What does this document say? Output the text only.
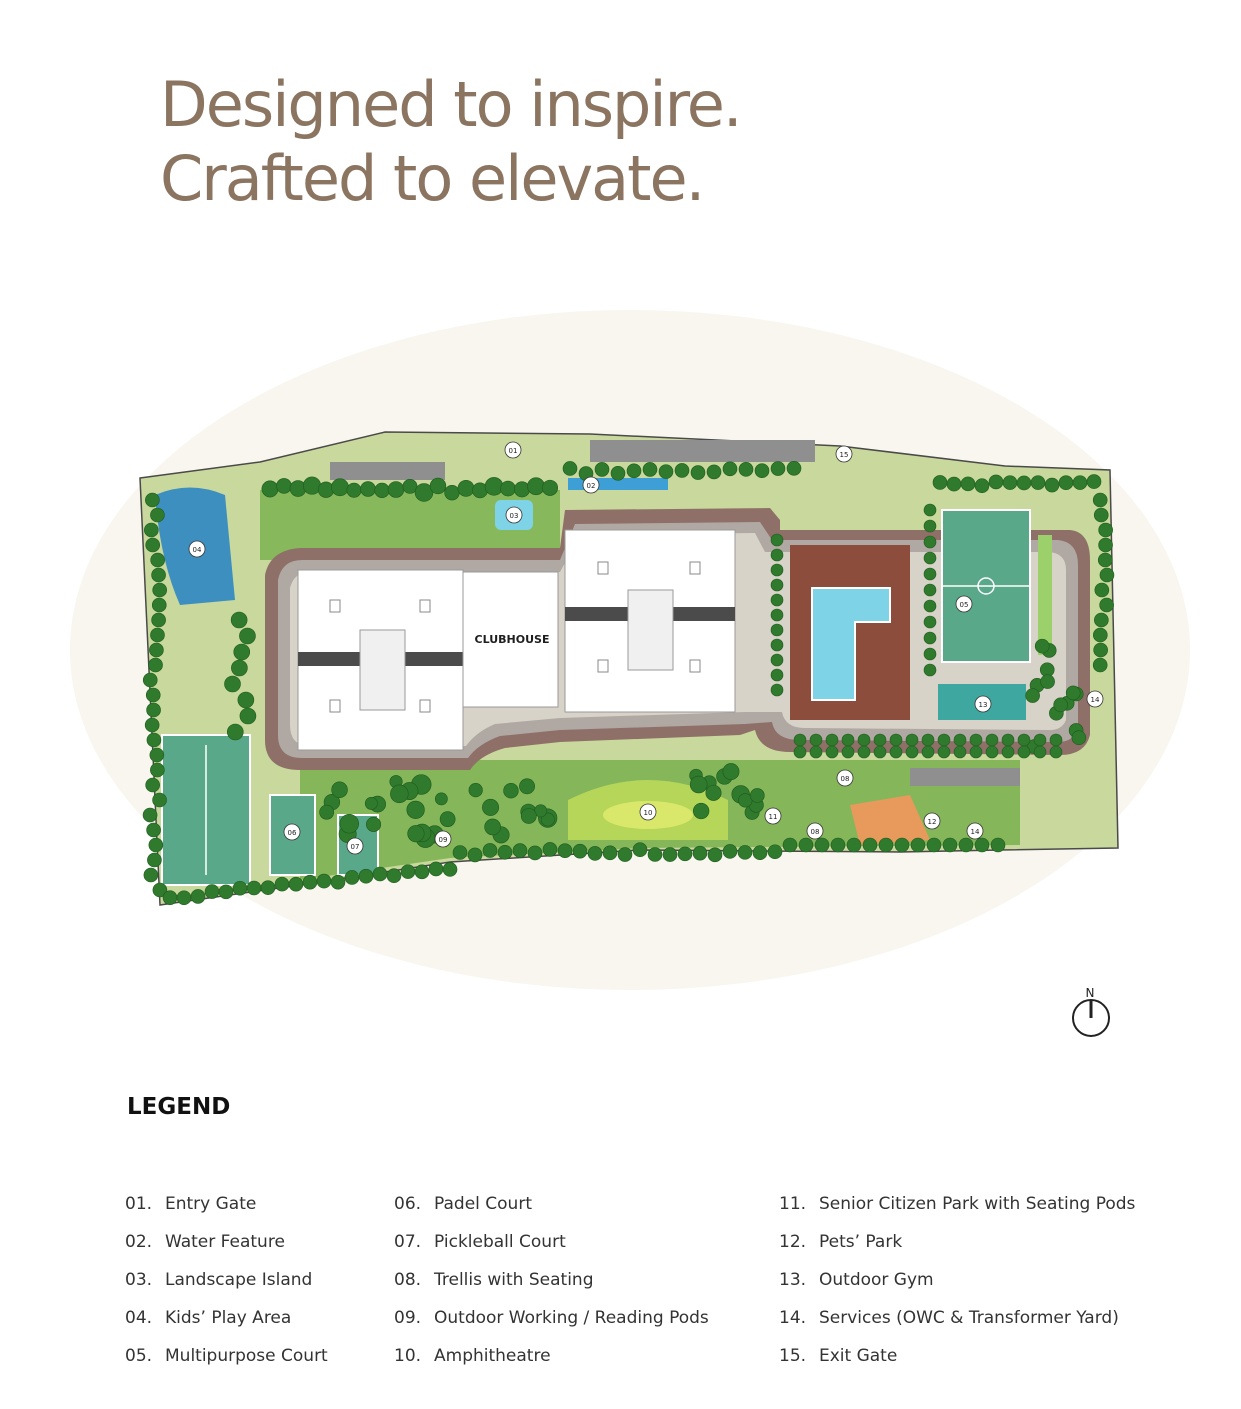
Designed to inspire.
Crafted to elevate.
CLUBHOUSE
01
02
03
04
05
06
07
08
08
09
10	11
12
13
14
14
15
N
LEGEND
01. Entry Gate
02. Water Feature
03. Landscape Island
04. Kids’ Play Area
05. Multipurpose Court
06. Padel Court
07. Pickleball Court
08. Trellis with Seating
09. Outdoor Working / Reading Pods
10. Amphitheatre
11. Senior Citizen Park with Seating Pods
12. Pets’ Park
13. Outdoor Gym
14. Services (OWC & Transformer Yard)
15. Exit Gate
